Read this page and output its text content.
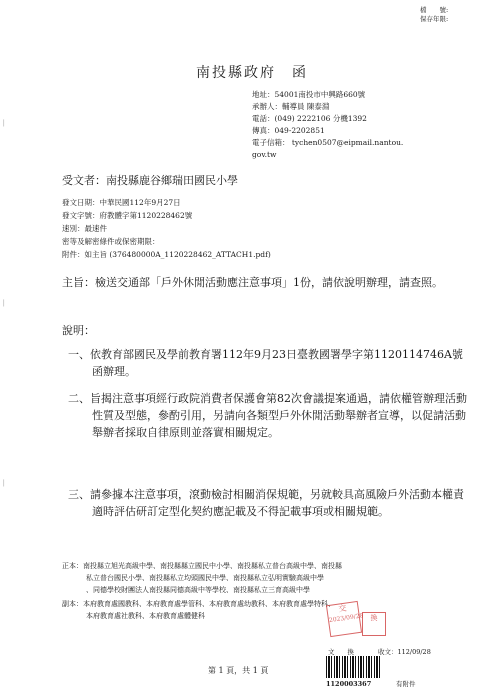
檔　　號:
保存年限:
南投縣政府　函
地址：54001南投市中興路660號
承辦人：輔導員 陳泰淵
電話：(049) 2222106 分機1392
傳真：049-2202851
電子信箱： tychen0507@eipmail.nantou.
gov.tw
受文者：南投縣鹿谷鄉瑞田國民小學
發文日期：中華民國112年9月27日
發文字號：府教體字第1120228462號
速別：最速件
密等及解密條件或保密期限：
附件：如主旨 (376480000A_1120228462_ATTACH1.pdf)
主旨：檢送交通部「戶外休閒活動應注意事項」1份，請依說明辦理，請查照。
說明：
一、依教育部國民及學前教育署112年9月23日臺教國署學字第1120114746A號函辦理。
二、旨揭注意事項經行政院消費者保護會第82次會議提案通過，請依權管辦理活動性質及型態，參酌引用，另請向各類型戶外休閒活動舉辦者宣導，以促請活動舉辦者採取自律原則並落實相關規定。
三、請參據本注意事項，滾動檢討相關消保規範，另就較具高風險戶外活動本權責適時評估研訂定型化契約應記載及不得記載事項或相關規範。
正本：南投縣立旭光高級中學、南投縣縣立國民中小學、南投縣私立普台高級中學、南投縣
私立普台國民小學、南投縣私立均頭國民中學、南投縣私立弘明實驗高級中學
、同德學校財團法人南投縣同德高級中等學校、南投縣私立三育高級中學
副本：本府教育處國教科、本府教育處學管科、本府教育處幼教科、本府教育處學特科、
本府教育處社教科、本府教育處體健科
交
2023/09/28 換
第 1 頁，共 1 頁
文　　換	收文：112/09/28
1120003367	有附件
│
│
│
